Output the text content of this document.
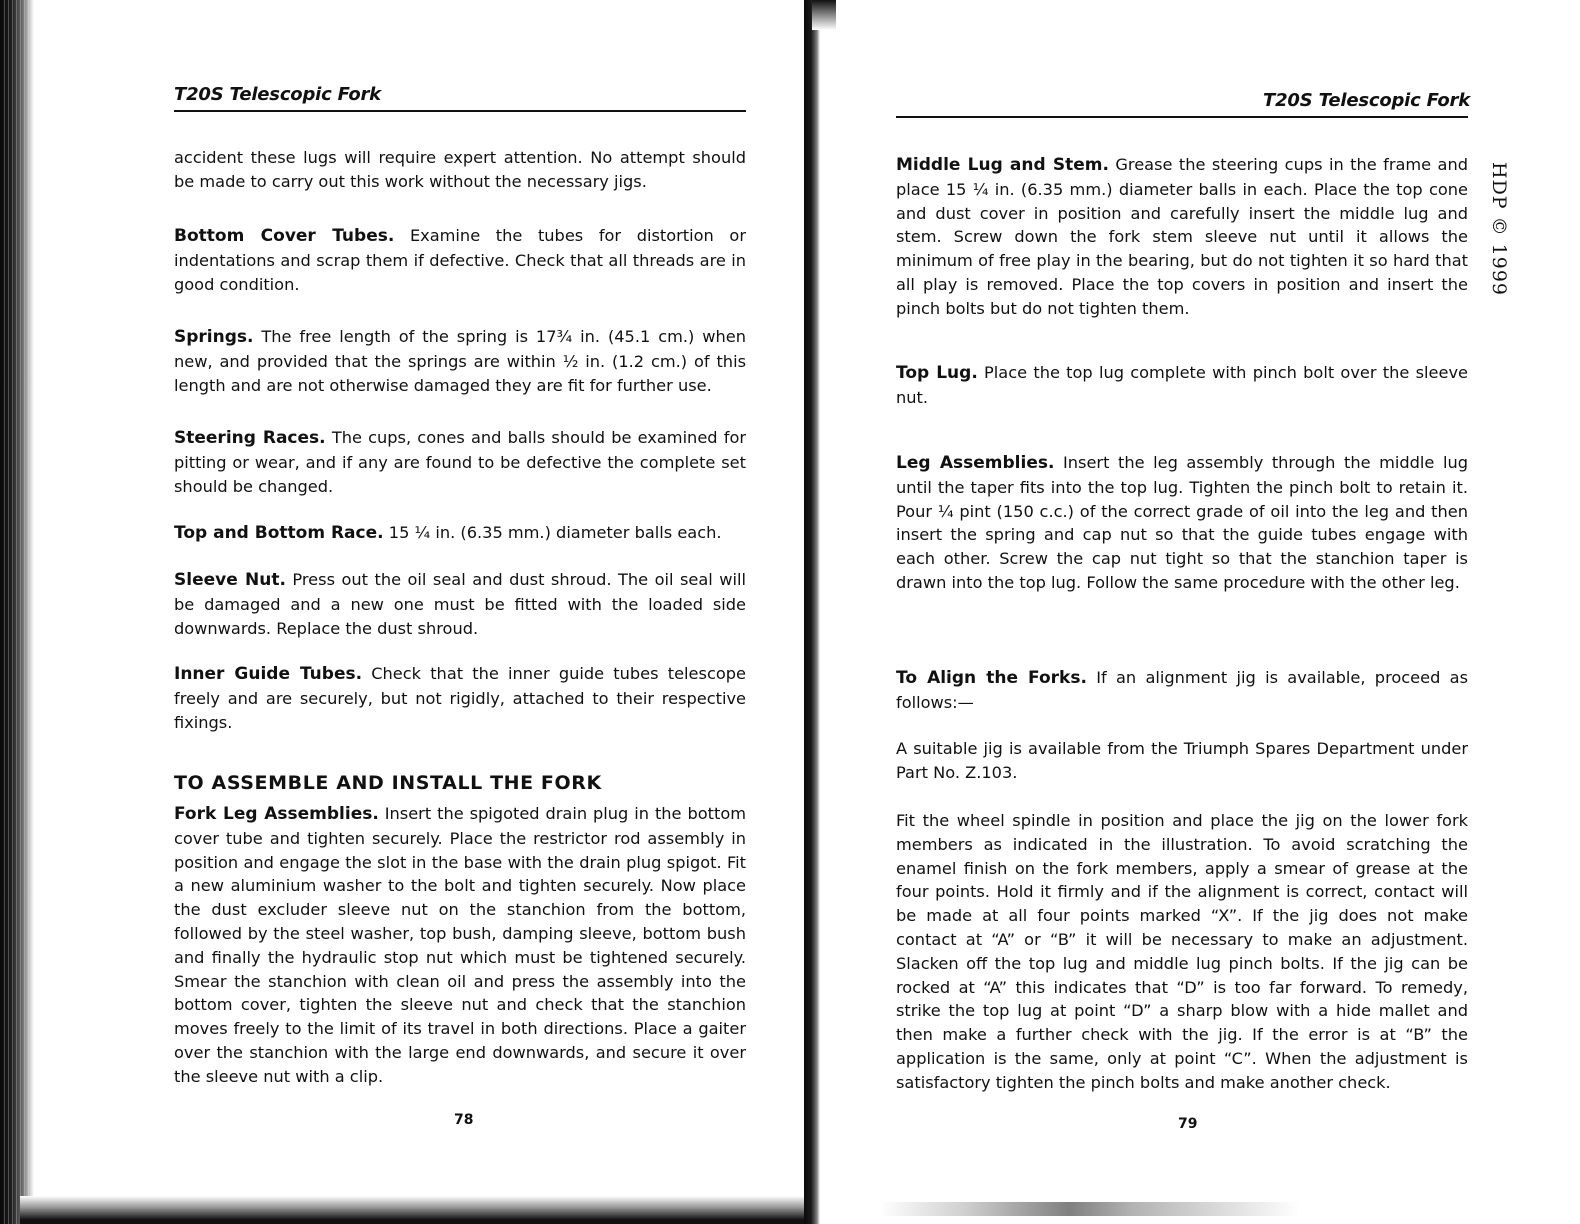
T20S Telescopic Fork

accident these lugs will require expert attention. No attempt should be made to carry out this work without the necessary jigs.

Bottom Cover Tubes. Examine the tubes for distortion or indentations and scrap them if defective. Check that all threads are in good condition.

Springs. The free length of the spring is 17¾ in. (45.1 cm.) when new, and provided that the springs are within ½ in. (1.2 cm.) of this length and are not otherwise damaged they are fit for further use.

Steering Races. The cups, cones and balls should be examined for pitting or wear, and if any are found to be defective the complete set should be changed.

Top and Bottom Race. 15 ¼ in. (6.35 mm.) diameter balls each.

Sleeve Nut. Press out the oil seal and dust shroud. The oil seal will be damaged and a new one must be fitted with the loaded side downwards. Replace the dust shroud.

Inner Guide Tubes. Check that the inner guide tubes telescope freely and are securely, but not rigidly, attached to their respective fixings.

TO ASSEMBLE AND INSTALL THE FORK

Fork Leg Assemblies. Insert the spigoted drain plug in the bottom cover tube and tighten securely. Place the restrictor rod assembly in position and engage the slot in the base with the drain plug spigot. Fit a new aluminium washer to the bolt and tighten securely. Now place the dust excluder sleeve nut on the stanchion from the bottom, followed by the steel washer, top bush, damping sleeve, bottom bush and finally the hydraulic stop nut which must be tightened securely. Smear the stanchion with clean oil and press the assembly into the bottom cover, tighten the sleeve nut and check that the stanchion moves freely to the limit of its travel in both directions. Place a gaiter over the stanchion with the large end downwards, and secure it over the sleeve nut with a clip.

78
T20S Telescopic Fork

Middle Lug and Stem. Grease the steering cups in the frame and place 15 ¼ in. (6.35 mm.) diameter balls in each. Place the top cone and dust cover in position and carefully insert the middle lug and stem. Screw down the fork stem sleeve nut until it allows the minimum of free play in the bearing, but do not tighten it so hard that all play is removed. Place the top covers in position and insert the pinch bolts but do not tighten them.

Top Lug. Place the top lug complete with pinch bolt over the sleeve nut.

Leg Assemblies. Insert the leg assembly through the middle lug until the taper fits into the top lug. Tighten the pinch bolt to retain it. Pour ¼ pint (150 c.c.) of the correct grade of oil into the leg and then insert the spring and cap nut so that the guide tubes engage with each other. Screw the cap nut tight so that the stanchion taper is drawn into the top lug. Follow the same procedure with the other leg.

To Align the Forks. If an alignment jig is available, proceed as follows:—

A suitable jig is available from the Triumph Spares Department under Part No. Z.103.

Fit the wheel spindle in position and place the jig on the lower fork members as indicated in the illustration. To avoid scratching the enamel finish on the fork members, apply a smear of grease at the four points. Hold it firmly and if the alignment is correct, contact will be made at all four points marked “X”. If the jig does not make contact at “A” or “B” it will be necessary to make an adjustment. Slacken off the top lug and middle lug pinch bolts. If the jig can be rocked at “A” this indicates that “D” is too far forward. To remedy, strike the top lug at point “D” a sharp blow with a hide mallet and then make a further check with the jig. If the error is at “B” the application is the same, only at point “C”. When the adjustment is satisfactory tighten the pinch bolts and make another check.

79
HDP © 1999
